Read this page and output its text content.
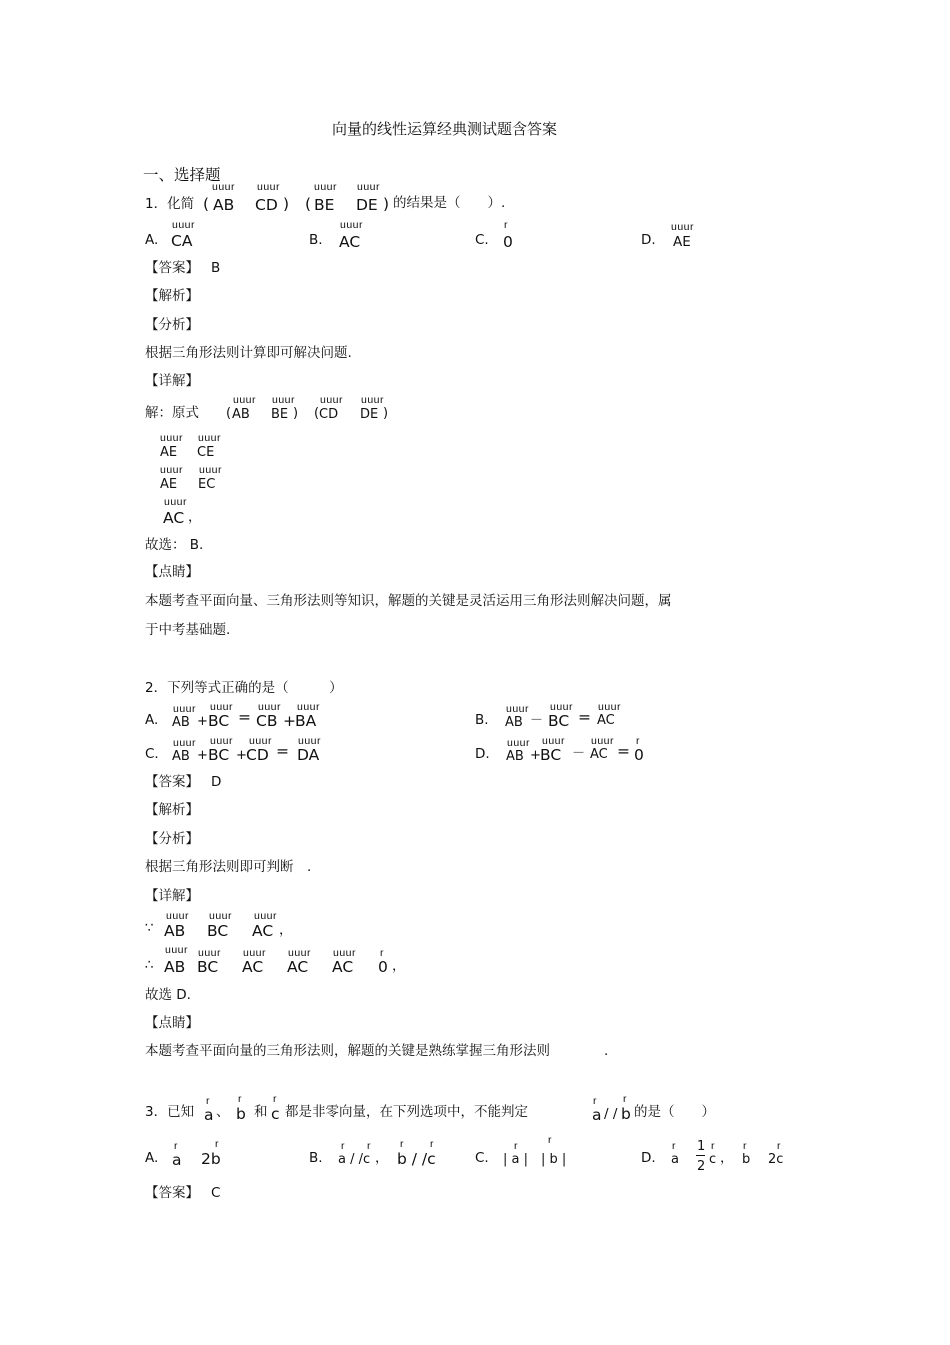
向量的线性运算经典测试题含答案
一、选择题
1．化简 (
uuur
AB
uuur
CD ) (
uuur
BE
uuur
DE ) 的结果是（　　）.
A.
uuur
CA	B.
uuur
AC	C.
r
0	D.
uuur
AE
【答案】 B
【解析】
【分析】
根据三角形法则计算即可解决问题.
【详解】
解：原式 (
uuur
AB
uuur
BE ) (
uuur
CD
uuur
DE )
uuur
AE
uuur
CE
uuur
AE
uuur
EC
uuur
AC ，
故选： B.
【点睛】
本题考查平面向量、三角形法则等知识，解题的关键是灵活运用三角形法则解决问题，属
于中考基础题.
2．下列等式正确的是（　　　）
A.
uuur
AB +
uuur
BC =
uuur
CB +
uuur
BA	B.
uuur
AB －
uuur
BC =
uuur
AC
C.
uuur
AB +
uuur
BC +
uuur
CD =
uuur
DA	D.
uuur
AB +
uuur
BC －
uuur
AC =
r
0
【答案】 D
【解析】
【分析】
根据三角形法则即可判断　.
【详解】
∵
uuur
AB
uuur
BC
uuur
AC ，
∴
uuur
AB
uuur
BC
uuur
AC
uuur
AC
uuur
AC
r
0 ，
故选 D.
【点睛】
本题考查平面向量的三角形法则，解题的关键是熟练掌握三角形法则　　　　.
3．已知
r
a 、
r
b 和
r
c 都是非零向量，在下列选项中，不能判定
r
a / /
r
b 的是（　　）
A.
r
a
r
2b	B.
r r
a / /c ，
r r
b / /c	C.
r	r
| a |　| b |	D.
r
a
1
2
r
c ，
r
b
r
2c
【答案】 C
